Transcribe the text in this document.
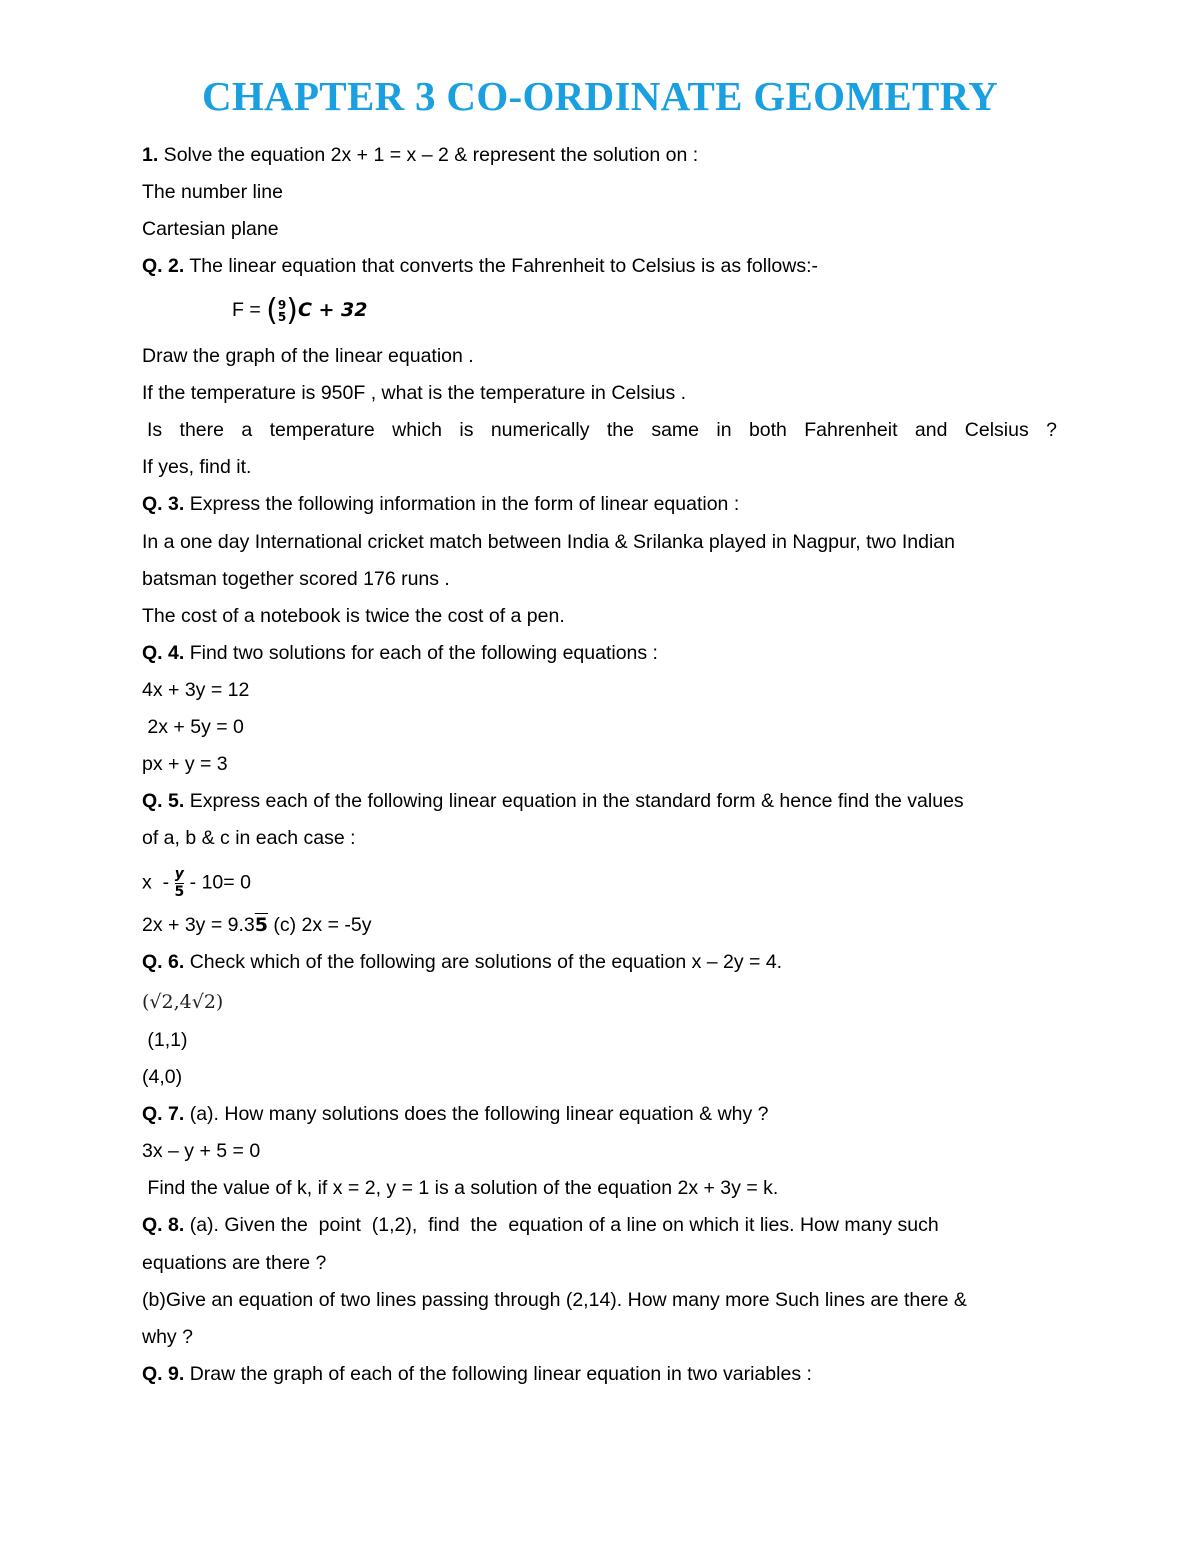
CHAPTER 3 CO-ORDINATE GEOMETRY
1. Solve the equation 2x + 1 = x – 2 & represent the solution on :
The number line
Cartesian plane
Q. 2. The linear equation that converts the Fahrenheit to Celsius is as follows:-
F = ( 9
5 )C + 32
Draw the graph of the linear equation .
If the temperature is 950F , what is the temperature in Celsius .
Is there a temperature which is numerically the same in both Fahrenheit and Celsius ?
If yes, find it.
Q. 3. Express the following information in the form of linear equation :
In a one day International cricket match between India & Srilanka played in Nagpur, two Indian
batsman together scored 176 runs .
The cost of a notebook is twice the cost of a pen.
Q. 4. Find two solutions for each of the following equations :
4x + 3y = 12
2x + 5y = 0
px + y = 3
Q. 5. Express each of the following linear equation in the standard form & hence find the values
of a, b & c in each case :
$x - \frac{y}{5} - 10= 0$
2x + 3y = 9.35 (c) 2x = -5y
Q. 6. Check which of the following are solutions of the equation x – 2y = 4.
(√2,4√2)
(1,1)
(4,0)
Q. 7. (a). How many solutions does the following linear equation & why ?
3x – y + 5 = 0
Find the value of k, if x = 2, y = 1 is a solution of the equation 2x + 3y = k.
Q. 8. (a). Given the  point  (1,2),  find  the  equation of a line on which it lies. How many such
equations are there ?
(b)Give an equation of two lines passing through (2,14). How many more Such lines are there &
why ?
Q. 9. Draw the graph of each of the following linear equation in two variables :
